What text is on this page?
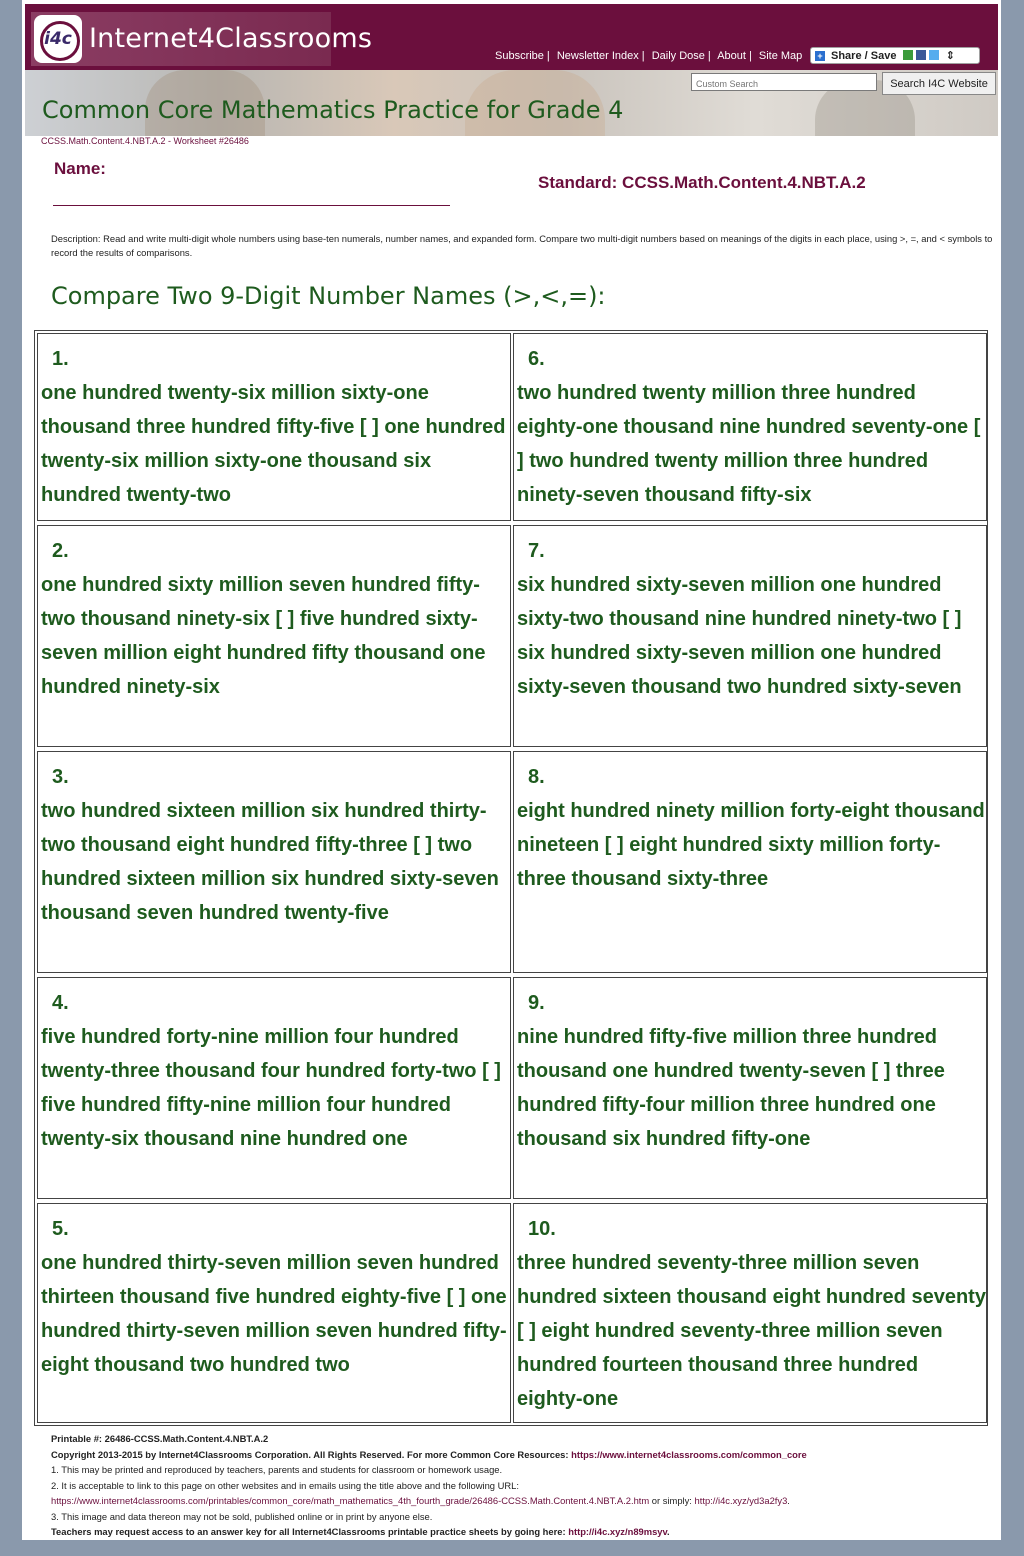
i4c Internet4Classrooms
Subscribe | Newsletter Index | Daily Dose | About | Site Map + Share / Save	⇕
Custom Search
Search I4C Website
Common Core Mathematics Practice for Grade 4
CCSS.Math.Content.4.NBT.A.2 - Worksheet #26486
Name:
Standard: CCSS.Math.Content.4.NBT.A.2
Description: Read and write multi-digit whole numbers using base-ten numerals, number names, and expanded form. Compare two multi-digit numbers based on meanings of the digits in each place, using >, =, and < symbols to record the results of comparisons.
Compare Two 9-Digit Number Names (>,<,=):
1.
one hundred twenty-six million sixty-one thousand three hundred fifty-five [ ] one hundred twenty-six million sixty-one thousand six hundred twenty-two
6.
two hundred twenty million three hundred eighty-one thousand nine hundred seventy-one [ ] two hundred twenty million three hundred ninety-seven thousand fifty-six
2.
one hundred sixty million seven hundred fifty-two thousand ninety-six [ ] five hundred sixty-seven million eight hundred fifty thousand one hundred ninety-six
7.
six hundred sixty-seven million one hundred sixty-two thousand nine hundred ninety-two [ ] six hundred sixty-seven million one hundred sixty-seven thousand two hundred sixty-seven
3.
two hundred sixteen million six hundred thirty-two thousand eight hundred fifty-three [ ] two hundred sixteen million six hundred sixty-seven thousand seven hundred twenty-five
8.
eight hundred ninety million forty-eight thousand nineteen [ ] eight hundred sixty million forty-three thousand sixty-three
4.
five hundred forty-nine million four hundred twenty-three thousand four hundred forty-two [ ] five hundred fifty-nine million four hundred twenty-six thousand nine hundred one
9.
nine hundred fifty-five million three hundred thousand one hundred twenty-seven [ ] three hundred fifty-four million three hundred one thousand six hundred fifty-one
5.
one hundred thirty-seven million seven hundred thirteen thousand five hundred eighty-five [ ] one hundred thirty-seven million seven hundred fifty-eight thousand two hundred two
10.
three hundred seventy-three million seven hundred sixteen thousand eight hundred seventy [ ] eight hundred seventy-three million seven hundred fourteen thousand three hundred eighty-one
Printable #: 26486-CCSS.Math.Content.4.NBT.A.2
Copyright 2013-2015 by Internet4Classrooms Corporation. All Rights Reserved. For more Common Core Resources: https://www.internet4classrooms.com/common_core
1. This may be printed and reproduced by teachers, parents and students for classroom or homework usage.
2. It is acceptable to link to this page on other websites and in emails using the title above and the following URL:
https://www.internet4classrooms.com/printables/common_core/math_mathematics_4th_fourth_grade/26486-CCSS.Math.Content.4.NBT.A.2.htm or simply: http://i4c.xyz/yd3a2fy3.
3. This image and data thereon may not be sold, published online or in print by anyone else.
Teachers may request access to an answer key for all Internet4Classrooms printable practice sheets by going here: http://i4c.xyz/n89msyv.
